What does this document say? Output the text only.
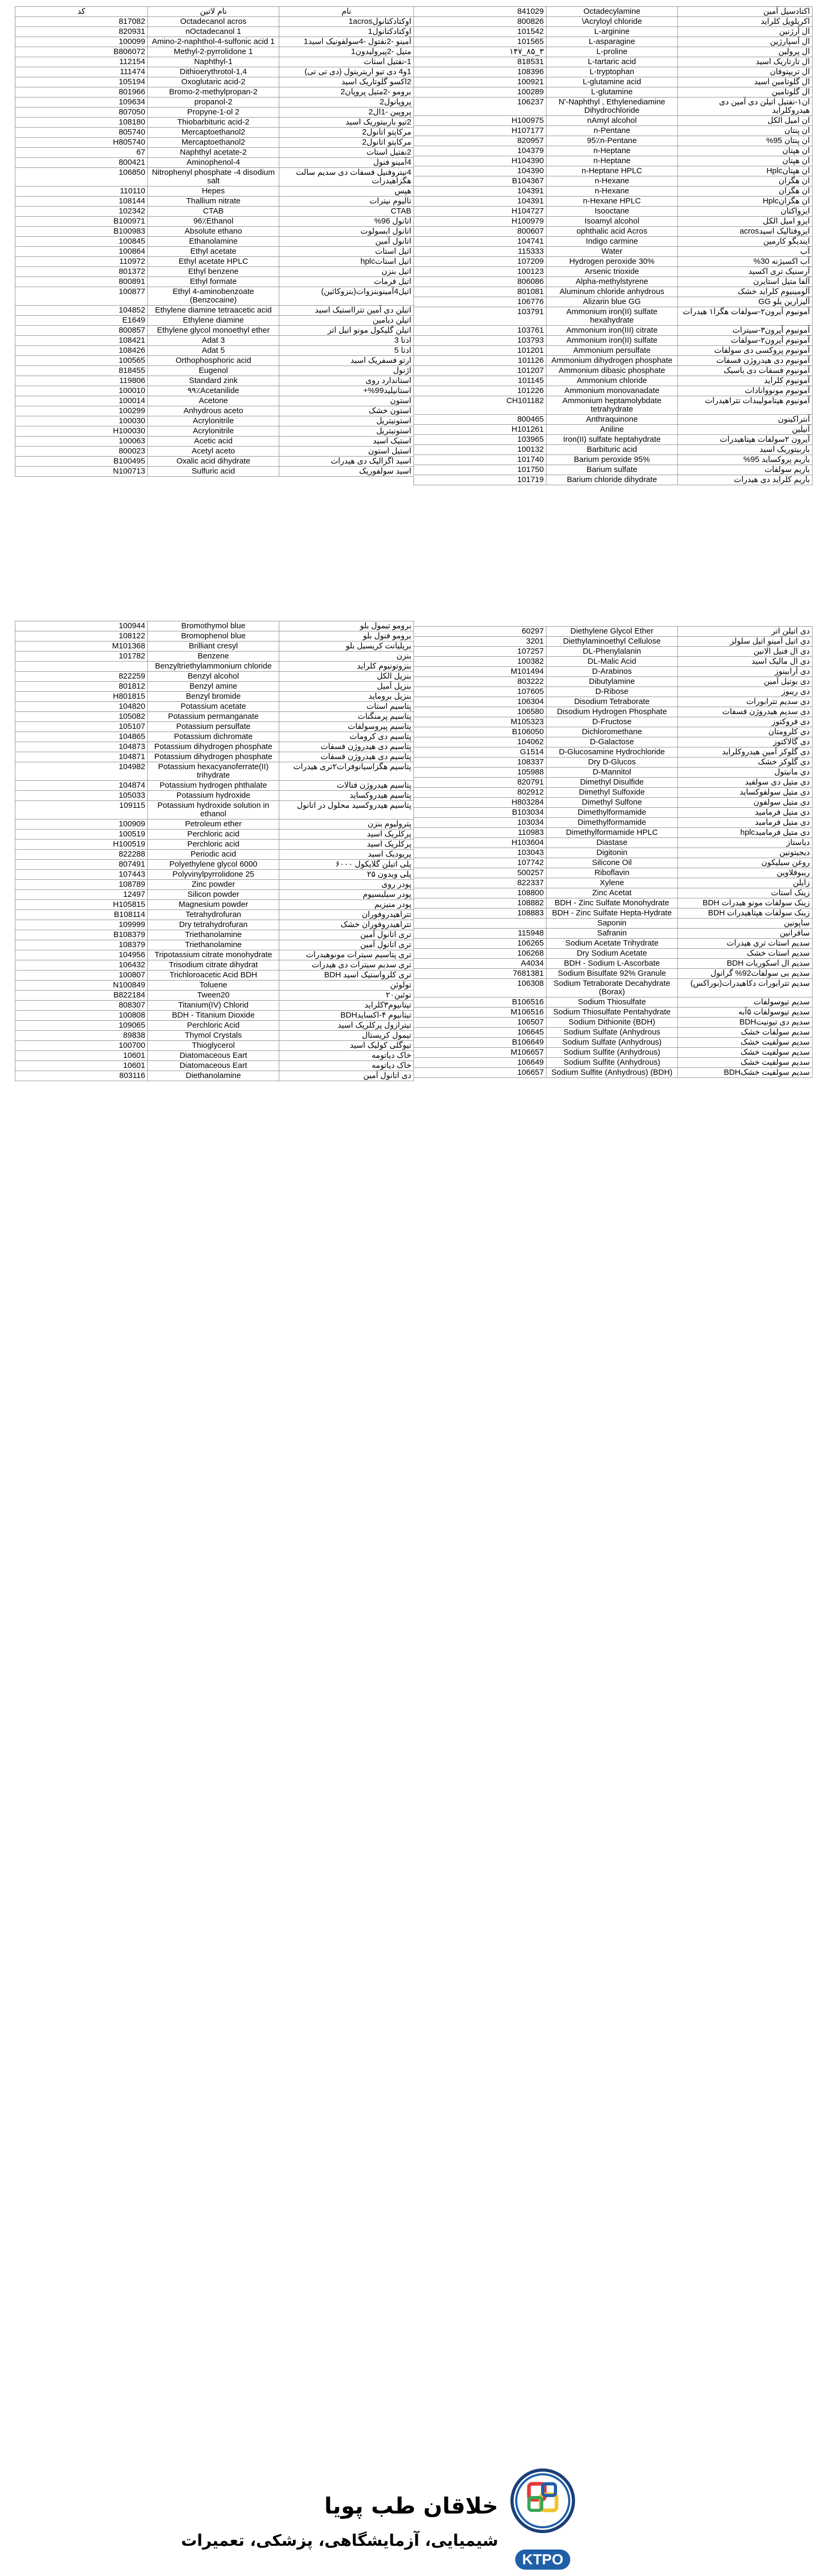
کد	نام لاتین	نام
817082	Octadecanol acros	اوکتادکتانول1acros
820931	nOctadecanol 1	اوکتادکتانول1
100099	Amino-2-naphthol-4-sulfonic acid 1	آمینو -2نفتول -4سولفونیک اسید1
B806072	Methyl-2-pyrrolidone 1	متیل -2پیرولیدون1
112154	Naphthyl-1	1-نفتیل استات
111474	Dithioerythrotol-1,4	1و4 دی تیو اریتریتول (دی تی تی)
105194	Oxoglutaric acid-2	2اکسو گلوتاریک اسید
801966	Bromo-2-methylpropan-2	برومو -2متیل پروپان2
109634	propanol-2	پروپانول2
807050	Propyne-1-ol 2	پروپین -1ال2
108180	Thiobarbituric acid-2	2تیو باربیتوریک اسید
805740	Mercaptoethanol2	مرکاپتو اتانول2
H805740	Mercaptoethanol2	مرکاپتو اتانول2
67	Naphthyl acetate-2	2نفتیل استات
800421	Aminophenol-4	4آمینو فنول
106850	Nitrophenyl phosphate -4 disodium salt	4نیتروفنیل فسفات دی سدیم سالت هگزاهیدرات
110110	Hepes	هپس
108144	Thallium nitrate	تالیوم نیترات
102342	CTAB	CTAB
B100971	96٪Ethanol	اتانول 96%
B100983	Absolute ethano	اتانول ابسولوت
100845	Ethanolamine	اتانول آمین
100864	Ethyl acetate	اتیل استات
110972	Ethyl acetate HPLC	اتیل استاتhplc
801372	Ethyl benzene	اتیل بنزن
800891	Ethyl formate	اتیل فرمات
100877	Ethyl 4-aminobenzoate (Benzocaine)	اتیل4آمینوبنزوات(بنزوکائین)
104852	Ethylene diamine tetraacetic acid	اتیلن دی آمین تترااستیک اسید
E1649	Ethylene diamine	اتیلن دیامین
800857	Ethylene glycol monoethyl ether	اتیلن گلیکول مونو اتیل اتر
108421	Adat 3	ادتا 3
108426	Adat 5	ادتا 5
100565	Orthophosphoric acid	ارتو فسفریک اسید
818455	Eugenol	اژنول
119806	Standard zink	استاندارد روی
100010	٩٩٪Acetanilide	استانیلید99%+
100014	Acetone	استون
100299	Anhydrous aceto	استون خشک
100030	Acrylonitrile	استونیتریل
H100030	Acrylonitrile	استونیتریل
100063	Acetic acid	استیک اسید
800023	Acetyl aceto	استیل استون
B100495	Oxalic acid dihydrate	اسید اگزالیک دی هیدرات
N100713	Sulfuric acid	اسید سولفوریک
841029	Octadecylamine	اکتادسیل آمین
800826	\Acryloyl chloride	اکریلویل کلراید
101542	L-arginine	ال آرژنین
101565	L-asparagine	ال آسپارژین
۱۴۷_۸۵_۳	L-proline	ال پرولین
818531	L-tartaric acid	ال تارتاریک اسید
108396	L-tryptophan	ال تریپتوفان
100921	L-glutamine acid	ال گلوتامین اسید
100289	L-glutamine	ال گلوتامین
106237	N'-Naphthyl , Ethylenediamine Dihydrochloride	ان۱-نفتیل اتیلن دی آمین دی هیدروکلراید
H100975	nAmyl alcohol	ان امیل الکل
H107177	n-Pentane	ان پنتان
820957	95٪n-Pentane	ان پنتان 95%
104379	n-Heptane	ان هپتان
H104390	n-Heptane	ان هپتان
104390	n-Heptane HPLC	ان هپتانHplc
B104367	n-Hexane	ان هگزان
104391	n-Hexane	ان هگزان
104391	n-Hexane HPLC	ان هگزانHplc
H104727	Isooctane	ایزواکتان
H100979	Isoamyl alcohol	ایزو امیل الکل
800607	ophthalic acid Acros	ایزوفتالیک اسیدacros
104741	Indigo carmine	ایندیگو کارمین
115333	Water	آب
107209	Hydrogen peroxide 30%	آب اکسیژنه 30%
100123	Arsenic trioxide	آرسنیک تری اکسید
806086	Alpha-methylstyrene	آلفا متیل استایرن
801081	Aluminum chloride anhydrous	آلومینیوم کلراید خشک
106776	Alizarin blue GG	آلیزارین بلو GG
103791	Ammonium iron(II) sulfate hexahydrate	آمونیوم آیرون۲-سولفات هگزا۱ هیدرات
103761	Ammonium iron(III) citrate	آمونیوم آیرون۳-سیترات
103793	Ammonium iron(II) sulfate	آمونیوم آیرون۲-سولفات
101201	Ammonium persulfate	آمونیوم پروکسی دی سولفات
101126	Ammonium dihydrogen phosphate	آمونیوم دی هیدروژن فسفات
101207	Ammonium dibasic phosphate	آمونیوم فسفات دی باسیک
101145	Ammonium chloride	آمونیوم کلراید
101226	Ammonium monovanadate	آمونیوم مونووانادات
CH101182	Ammonium heptamolybdate tetrahydrate	آمونیوم هپتامولیبدات تتراهیدرات
800465	Anthraquinone	آنتراکینون
H101261	Aniline	آنیلین
103965	Iron(II) sulfate heptahydrate	آیرون ۲سولفات هپتاهیدرات
100132	Barbituric acid	باربیتوریک اسید
101740	Barium peroxide 95%	باریم پروکساید 95%
101750	Barium sulfate	باریم سولفات
101719	Barium chloride dihydrate	باریم کلراید دی هیدرات
100944	Bromothymol blue	برومو تیمول بلو
108122	Bromophenol blue	برومو فنول بلو
M101368	Brilliant cresyl	بریلیانت کریسیل بلو
101782	Benzene	بنزن
	Benzyltriethylammonium chloride	بنزوتونیوم کلراید
822259	Benzyl alcohol	بنزیل الکل
801812	Benzyl amine	بنزیل آمیل
H801815	Benzyl bromide	بنزیل بروماید
104820	Potassium acetate	پتاسیم استات
105082	Potassium permanganate	پتاسیم پرمنگنات
105107	Potassium persulfate	پتاسیم پیروسولفات
104865	Potassium dichromate	پتاسیم دی کرومات
104873	Potassium dihydrogen phosphate	پتاسیم دی هیدروژن فسفات
104871	Potassium dihydrogen phosphate	پتاسیم دی هیدروژن فسفات
104982	Potassium hexacyanoferrate(II) trihydrate	پتاسیم هگزاسیانوفرات۲تری هیدرات
104874	Potassium hydrogen phthalate	پتاسیم هیدروژن فتالات
105033	Potassium hydroxide	پتاسیم هیدروکساید
109115	Potassium hydroxide solution in ethanol	پتاسیم هیدروکسید محلول در اتانول
100909	Petroleum ether	پترولیوم بنزن
100519	Perchloric acid	پرکلریک اسید
H100519	Perchloric acid	پرکلریک اسید
822288	Periodic acid	پریودیک اسید
807491	Polyethylene glycol 6000	پلی اتیلن گلایکول ۶۰۰۰
107443	Polyvinylpyrrolidone 25	پلی ویدون ۲۵
108789	Zinc powder	پودر روی
12497	Silicon powder	پودر سیلیسیوم
H105815	Magnesium powder	پودر منیزیم
B108114	Tetrahydrofuran	تتراهیدروفوران
109999	Dry tetrahydrofuran	تتراهیدروفوران خشک
B108379	Triethanolamine	تری اتانول آمین
108379	Triethanolamine	تری اتانول آمین
104956	Tripotassium citrate monohydrate	تری پتاسیم سیترات مونوهیدرات
106432	Trisodium citrate dihydrat	تری سدیم سیترات دی هیدرات
100807	Trichloroacetic Acid BDH	تری کلرواستیک اسید BDH
N100849	Toluene	تولوئن
B822184	Tween20	توئین۲۰
808307	Titanium(IV) Chlorid	تیتانیوم۳کلراید
100808	BDH - Titanium Dioxide	تیتانیوم ۴-اکسایدBDH
109065	Perchloric Acid	تیترازول پرکلریک اسید
89838	Thymol Crystals	تیمول کریستال
100700	Thioglycerol	تیوگلی کولیک اسید
10601	Diatomaceous Eart	خاک دیاتومه
10601	Diatomaceous Eart	خاک دیاتومه
803116	Diethanolamine	دی اتانول آمین
60297	Diethylene Glycol Ether	دی اتیلن اتر
3201	Diethylaminoethyl Cellulose	دی اتیل آمینو اتیل سلولز
107257	DL-Phenylalanin	دی ال فنیل الانین
100382	DL-Malic Acid	دی ال مالیک اسید
M101494	D-Arabinos	دی آرابینوز
803222	Dibutylamine	دی بوتیل آمین
107605	D-Ribose	دی ریبوز
106304	Disodium Tetraborate	دی سدیم تترابورات
106580	Disodium Hydrogen Phosphate	دی سدیم هیدروژن فسفات
M105323	D-Fructose	دی فروکتوز
B106050	Dichloromethane	دی کلرومتان
104062	D-Galactose	دی گالاکتوز
G1514	D-Glucosamine Hydrochloride	دی گلوکز آمین هیدروکلراید
108337	Dry D-Glucos	دی گلوکز خشک
105988	D-Mannitol	دی مانیتول
820791	Dimethyl Disulfide	دی متیل دی سولفید
802912	Dimethyl Sulfoxide	دی متیل سولفوکساید
H803284	Dimethyl Sulfone	دی متیل سولفون
B103034	Dimethylformamide	دی متیل فرمامید
103034	Dimethylformamide	دی متیل فرمامید
110983	Dimethylformamide HPLC	دی متیل فرمامیدhplc
H103604	Diastase	دیاستاز
103043	Digitonin	دیجیتونین
107742	Silicone Oil	روغن سیلیکون
500257	Riboflavin	ریبوفلاوین
822337	Xylene	زایلن
108800	Zinc Acetat	زینک استات
108882	BDH - Zinc Sulfate Monohydrate	زینک سولفات مونو هیدرات BDH
108883	BDH - Zinc Sulfate Hepta-Hydrate	زینک سولفات هپتاهیدرات BDH
	Saponin	ساپونین
115948	Safranin	سافرانین
106265	Sodium Acetate Trihydrate	سدیم استات تری هیدرات
106268	Dry Sodium Acetate	سدیم استات خشک
A4034	BDH - Sodium L-Ascorbate	سدیم ال اسکوربات BDH
7681381	Sodium Bisulfate 92% Granule	سدیم بی سولفات92% گرانول
106308	Sodium Tetraborate Decahydrate (Borax)	سدیم تترابورات دکاهیدرات(بوراکس)
B106516	Sodium Thiosulfate	سدیم تیوسولفات
M106516	Sodium Thiosulfate Pentahydrate	سدیم تیوسولفات ۵آبه
106507	Sodium Dithionite (BDH)	سدیم دی تیونیتBDH
106645	Sodium Sulfate (Anhydrous	سدیم سولفات خشک
B106649	Sodium Sulfate (Anhydrous)	سدیم سولفیت خشک
M106657	Sodium Sulfite (Anhydrous)	سدیم سولفیت خشک
106649	Sodium Sulfite (Anhydrous)	سدیم سولفیت خشک
106657	Sodium Sulfite (Anhydrous) (BDH)	سدیم سولفیت خشکBDH
KTPO
خلاقان طب پویا
شیمیایی، آزمایشگاهی، پزشکی، تعمیرات
